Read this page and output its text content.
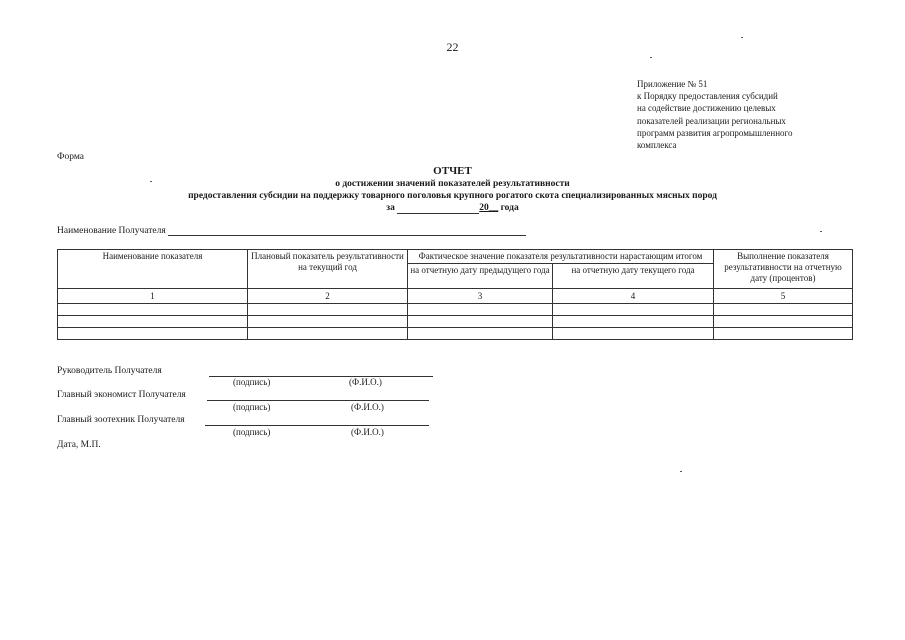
22
Приложение № 51
к Порядку предоставления субсидий
на содействие достижению целевых
показателей реализации региональных
программ развития агропромышленного
комплекса
Форма
ОТЧЕТ
о достижении значений показателей результативности
предоставления субсидии на поддержку товарного поголовья крупного рогатого скота специализированных мясных пород
за	20__ года
Наименование Получателя
Наименование показателя	Плановый показатель результативности на текущий год	Фактическое значение показателя результативности нарастающим итогом		Выполнение показателя результативности на отчетную дату (процентов)
		на отчетную дату предыдущего года	на отчетную дату текущего года	
1	2	3	4	5

Руководитель Получателя
(подпись)	(Ф.И.О.)
Главный экономист Получателя
(подпись)	(Ф.И.О.)
Главный зоотехник Получателя
(подпись)	(Ф.И.О.)
Дата, М.П.
